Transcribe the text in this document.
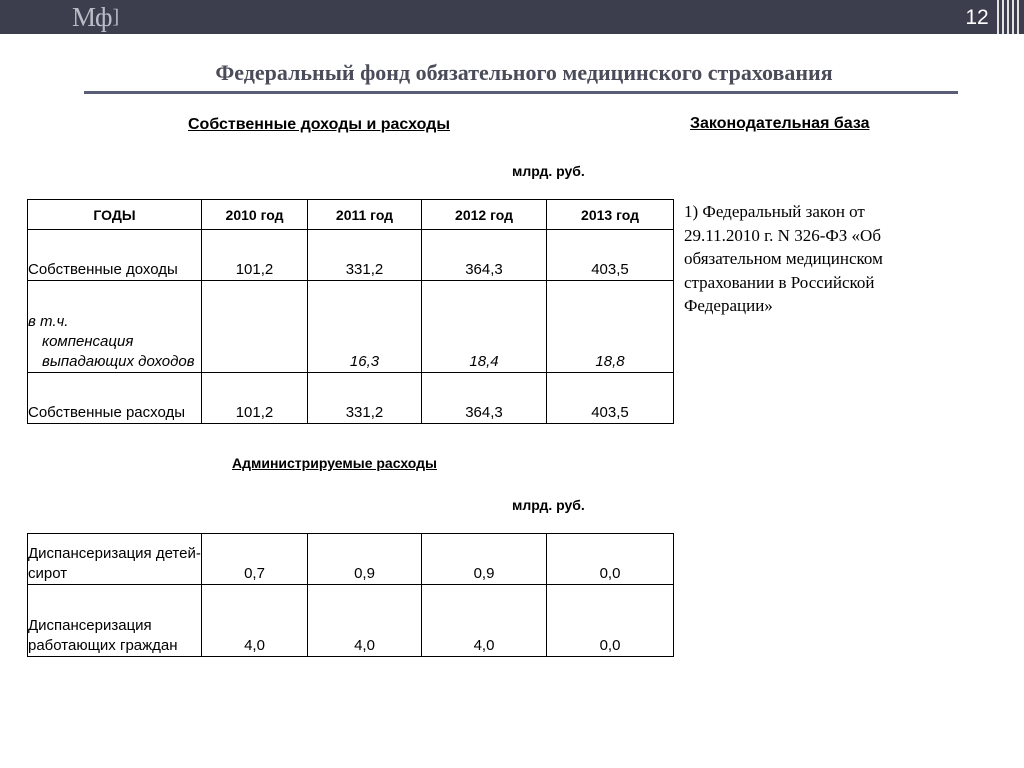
Мф]	12
Федеральный фонд обязательного медицинского страхования
Собственные доходы и расходы	Законодательная база
млрд. руб.
ГОДЫ	2010 год	2011 год	2012 год	2013 год
Собственные доходы	101,2	331,2	364,3	403,5

в т.ч.
компенсация выпадающих доходов		16,3	18,4	18,8
Собственные расходы	101,2	331,2	364,3	403,5
Администрируемые расходы
млрд. руб.
Диспансеризация детей-сирот	0,7	0,9	0,9	0,0
Диспансеризация работающих граждан	4,0	4,0	4,0	0,0
1) Федеральный закон от 29.11.2010 г. N 326-ФЗ «Об обязательном медицинском страховании в Российской Федерации»
